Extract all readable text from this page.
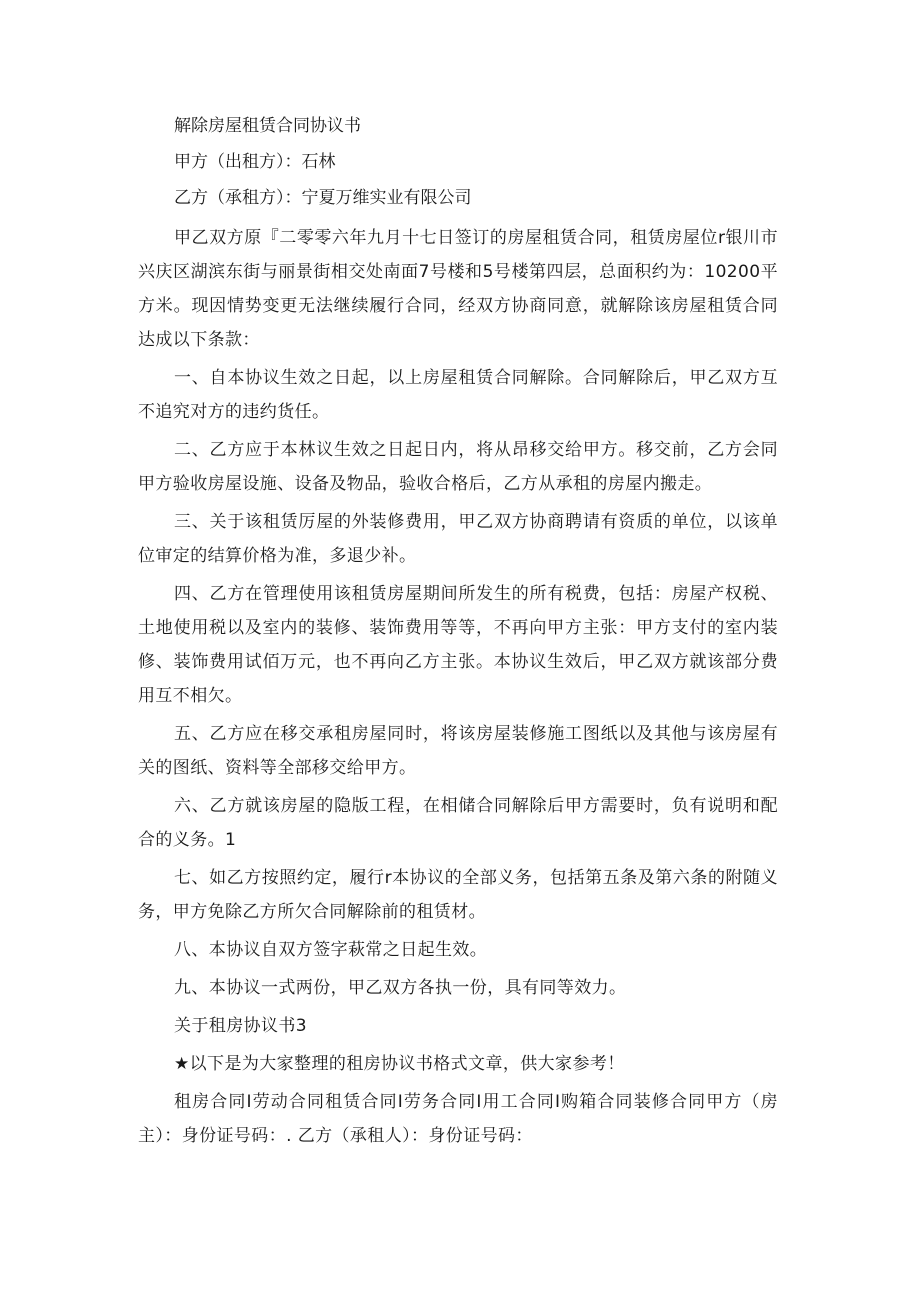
解除房屋租赁合同协议书
甲方（出租方）：石林
乙方（承租方）：宁夏万维实业有限公司

甲乙双方原『二零零六年九月十七日签订的房屋租赁合同，租赁房屋位r银川市兴庆区湖滨东街与丽景街相交处南面7号楼和5号楼第四层，总面积约为：10200平方米。现因情势变更无法继续履行合同，经双方协商同意，就解除该房屋租赁合同达成以下条款：

一、自本协议生效之日起，以上房屋租赁合同解除。合同解除后，甲乙双方互不追究对方的违约货任。

二、乙方应于本林议生效之日起日内，将从昂移交给甲方。移交前，乙方会同甲方验收房屋设施、设备及物品，验收合格后，乙方从承租的房屋内搬走。

三、关于该租赁厉屋的外装修费用，甲乙双方协商聘请有资质的单位，以该单位审定的结算价格为准，多退少补。

四、乙方在管理使用该租赁房屋期间所发生的所有税费，包括：房屋产权税、土地使用税以及室内的装修、装饰费用等等，不再向甲方主张：甲方支付的室内装修、装饰费用试佰万元，也不再向乙方主张。本协议生效后，甲乙双方就该部分费用互不相欠。

五、乙方应在移交承租房屋同时，将该房屋装修施工图纸以及其他与该房屋有关的图纸、资料等全部移交给甲方。

六、乙方就该房屋的隐版工程，在相储合同解除后甲方需要时，负有说明和配合的义务。1

七、如乙方按照约定，履行r本协议的全部义务，包括第五条及第六条的附随义务，甲方免除乙方所欠合同解除前的租赁材。

八、本协议自双方签字萩常之日起生效。

九、本协议一式两份，甲乙双方各执一份，具有同等效力。

关于租房协议书3

★以下是为大家整理的租房协议书格式文章，供大家参考！

租房合同I劳动合同租赁合同I劳务合同I用工合同I购箱合同装修合同甲方（房主）：身份证号码：. 乙方（承租人）：身份证号码：
